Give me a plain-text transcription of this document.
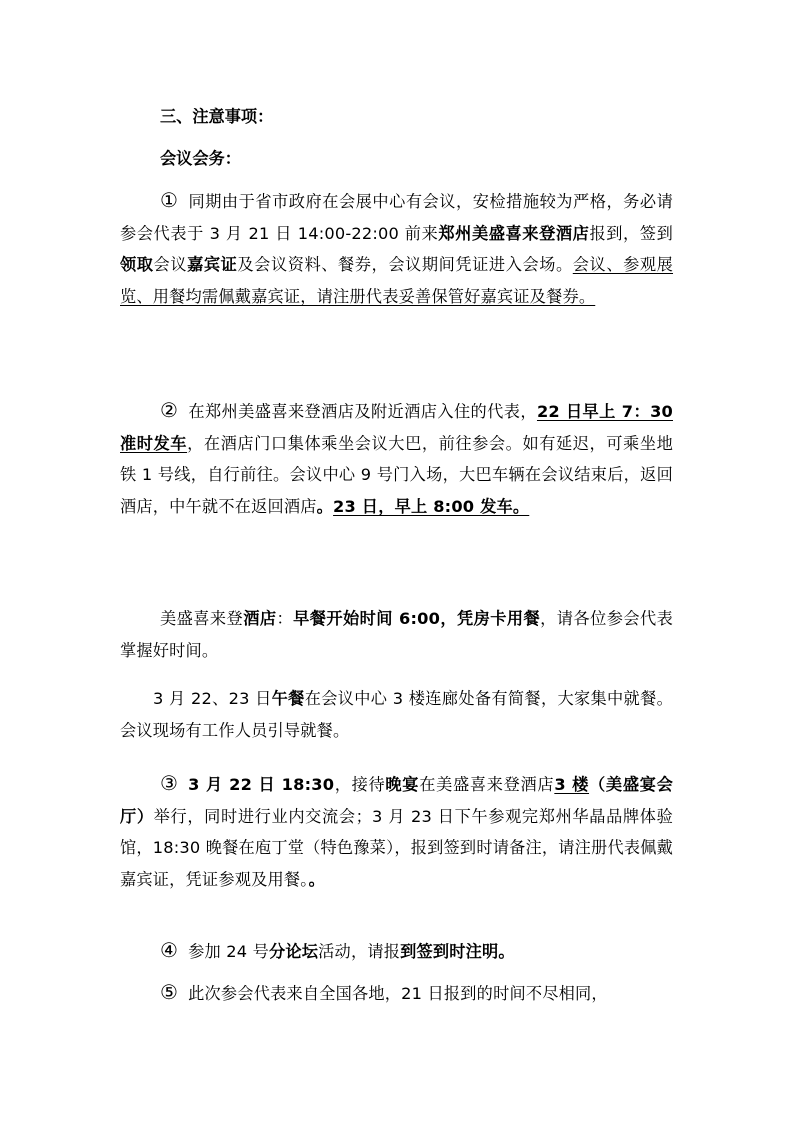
三、注意事项：
会议会务：

① 同期由于省市政府在会展中心有会议，安检措施较为严格，务必请参会代表于 3 月 21 日 14:00-22:00 前来郑州美盛喜来登酒店报到，签到领取会议嘉宾证及会议资料、餐券，会议期间凭证进入会场。会议、参观展览、用餐均需佩戴嘉宾证，请注册代表妥善保管好嘉宾证及餐券。

② 在郑州美盛喜来登酒店及附近酒店入住的代表，22 日早上 7：30 准时发车，在酒店门口集体乘坐会议大巴，前往参会。如有延迟，可乘坐地铁 1 号线，自行前往。会议中心 9 号门入场，大巴车辆在会议结束后，返回酒店，中午就不在返回酒店。23 日，早上 8:00 发车。

美盛喜来登酒店：早餐开始时间 6:00，凭房卡用餐，请各位参会代表掌握好时间。

3 月 22、23 日午餐在会议中心 3 楼连廊处备有简餐，大家集中就餐。会议现场有工作人员引导就餐。

③ 3 月 22 日 18:30，接待晚宴在美盛喜来登酒店3 楼（美盛宴会厅）举行，同时进行业内交流会；3 月 23 日下午参观完郑州华晶品牌体验馆，18:30 晚餐在庖丁堂（特色豫菜），报到签到时请备注，请注册代表佩戴嘉宾证，凭证参观及用餐。。

④ 参加 24 号分论坛活动，请报到签到时注明。

⑤ 此次参会代表来自全国各地，21 日报到的时间不尽相同，
